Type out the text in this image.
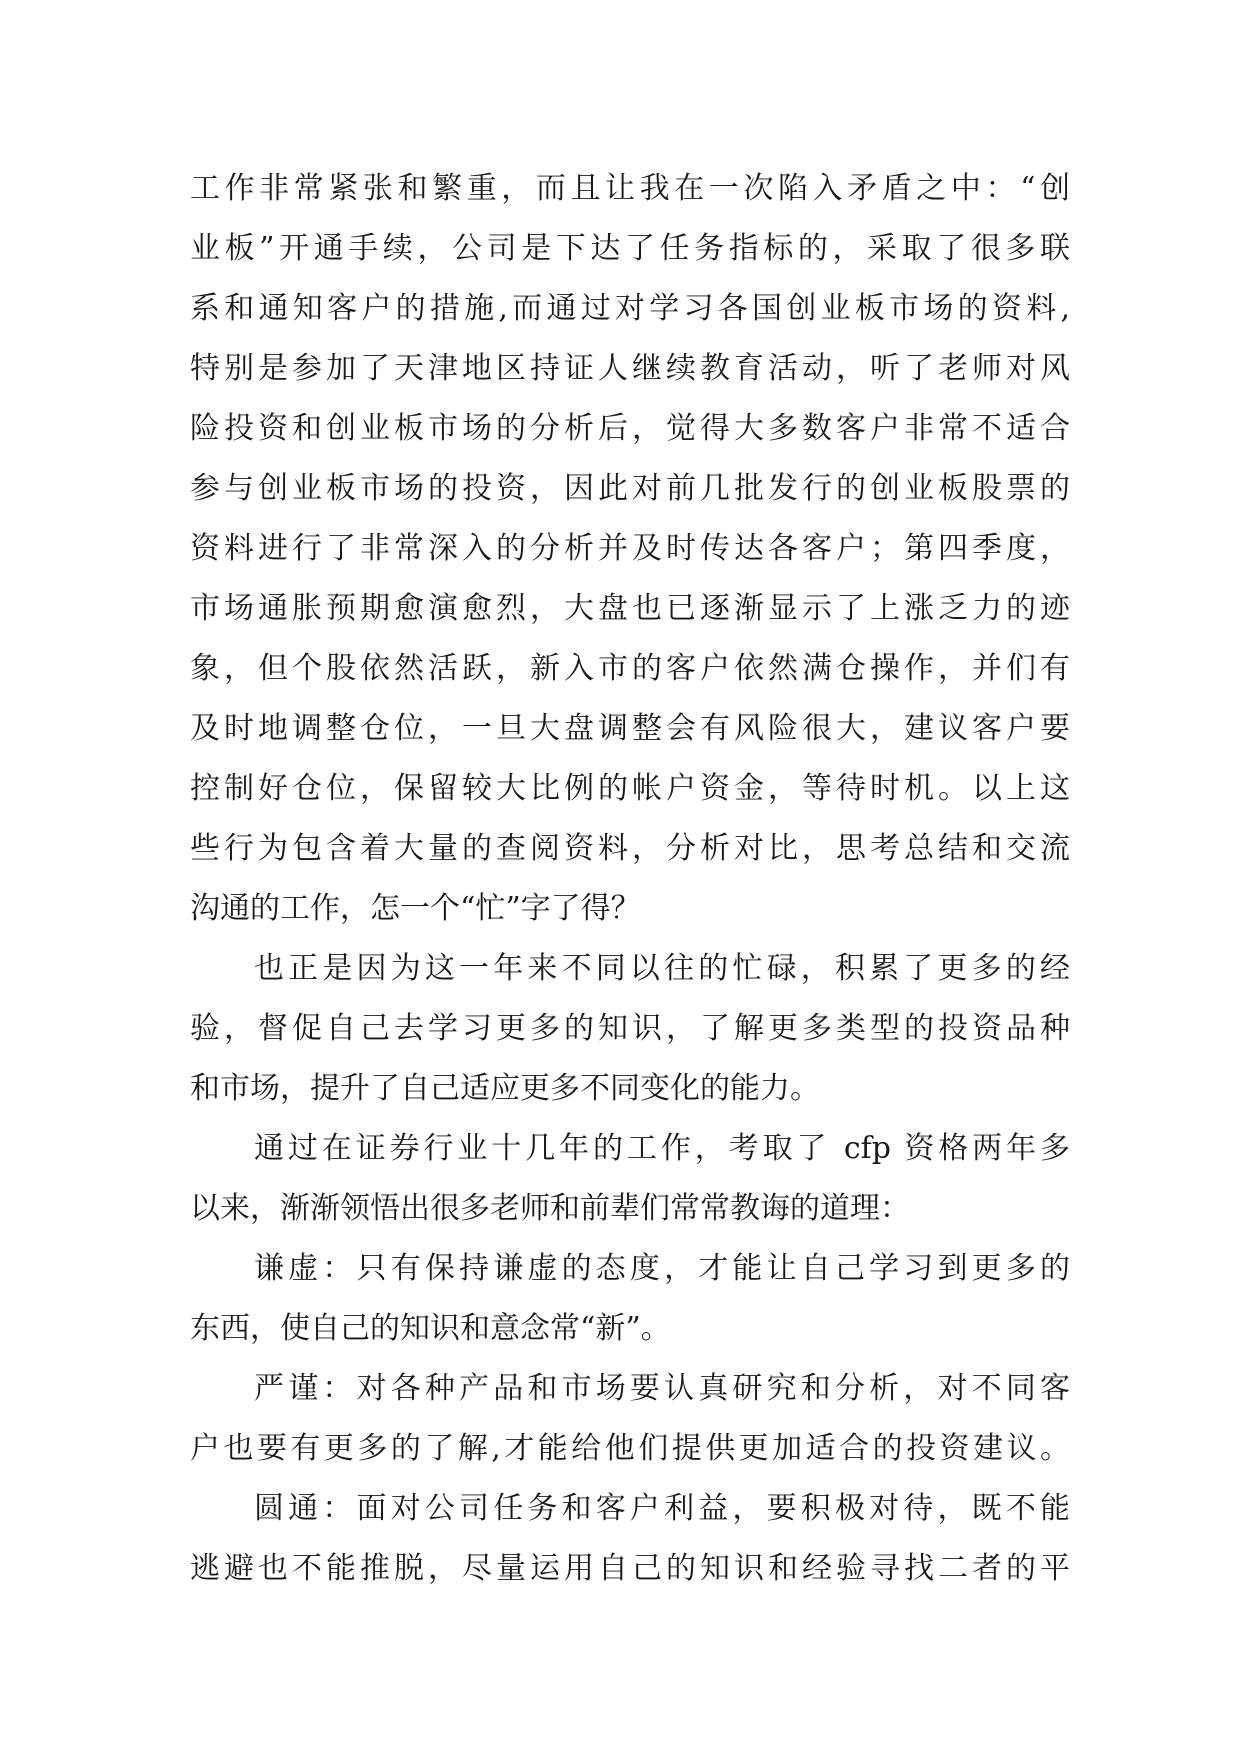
工作非常紧张和繁重，而且让我在一次陷入矛盾之中：“创
业板”开通手续，公司是下达了任务指标的，采取了很多联
系和通知客户的措施,而通过对学习各国创业板市场的资料,
特别是参加了天津地区持证人继续教育活动，听了老师对风
险投资和创业板市场的分析后，觉得大多数客户非常不适合
参与创业板市场的投资，因此对前几批发行的创业板股票的
资料进行了非常深入的分析并及时传达各客户；第四季度，
市场通胀预期愈演愈烈，大盘也已逐渐显示了上涨乏力的迹
象，但个股依然活跃，新入市的客户依然满仓操作，并们有
及时地调整仓位，一旦大盘调整会有风险很大，建议客户要
控制好仓位，保留较大比例的帐户资金，等待时机。以上这
些行为包含着大量的查阅资料，分析对比，思考总结和交流
沟通的工作，怎一个“忙”字了得？
也正是因为这一年来不同以往的忙碌，积累了更多的经
验，督促自己去学习更多的知识，了解更多类型的投资品种
和市场，提升了自己适应更多不同变化的能力。
通过在证券行业十几年的工作，考取了 cfp 资格两年多
以来，渐渐领悟出很多老师和前辈们常常教诲的道理：
谦虚：只有保持谦虚的态度，才能让自己学习到更多的
东西，使自己的知识和意念常“新”。
严谨：对各种产品和市场要认真研究和分析，对不同客
户也要有更多的了解,才能给他们提供更加适合的投资建议。
圆通：面对公司任务和客户利益，要积极对待，既不能
逃避也不能推脱，尽量运用自己的知识和经验寻找二者的平
